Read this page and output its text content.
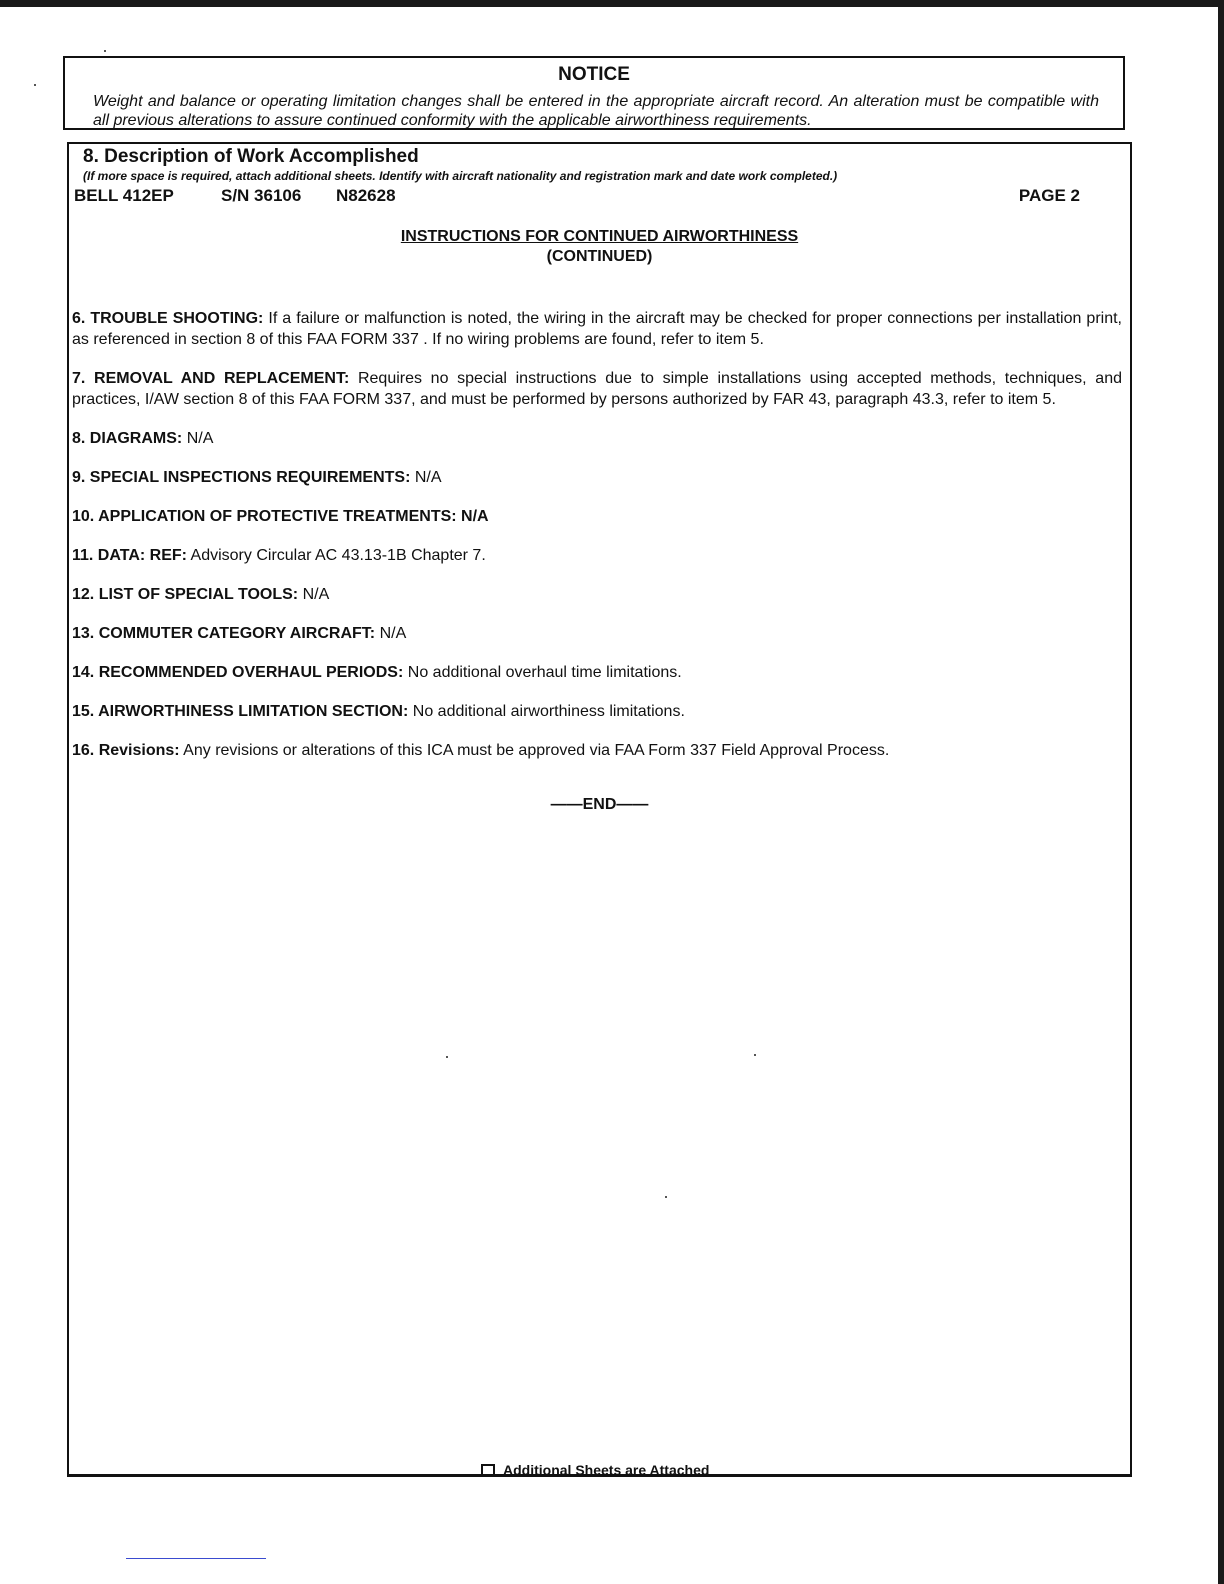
NOTICE

Weight and balance or operating limitation changes shall be entered in the appropriate aircraft record. An alteration must be compatible with all previous alterations to assure continued conformity with the applicable airworthiness requirements.

8. Description of Work Accomplished

(If more space is required, attach additional sheets. Identify with aircraft nationality and registration mark and date work completed.)

BELL 412EP	S/N 36106 N82628	PAGE 2

INSTRUCTIONS FOR CONTINUED AIRWORTHINESS

(CONTINUED)

6. TROUBLE SHOOTING: If a failure or malfunction is noted, the wiring in the aircraft may be checked for proper connections per installation print, as referenced in section 8 of this FAA FORM 337 . If no wiring problems are found, refer to item 5.

7. REMOVAL AND REPLACEMENT: Requires no special instructions due to simple installations using accepted methods, techniques, and practices, I/AW section 8 of this FAA FORM 337, and must be performed by persons authorized by FAR 43, paragraph 43.3, refer to item 5.

8. DIAGRAMS: N/A

9. SPECIAL INSPECTIONS REQUIREMENTS: N/A

10. APPLICATION OF PROTECTIVE TREATMENTS: N/A

11. DATA: REF: Advisory Circular AC 43.13-1B Chapter 7.

12. LIST OF SPECIAL TOOLS: N/A

13. COMMUTER CATEGORY AIRCRAFT: N/A

14. RECOMMENDED OVERHAUL PERIODS: No additional overhaul time limitations.

15. AIRWORTHINESS LIMITATION SECTION: No additional airworthiness limitations.

16. Revisions: Any revisions or alterations of this ICA must be approved via FAA Form 337 Field Approval Process.

——END——

Additional Sheets are Attached
